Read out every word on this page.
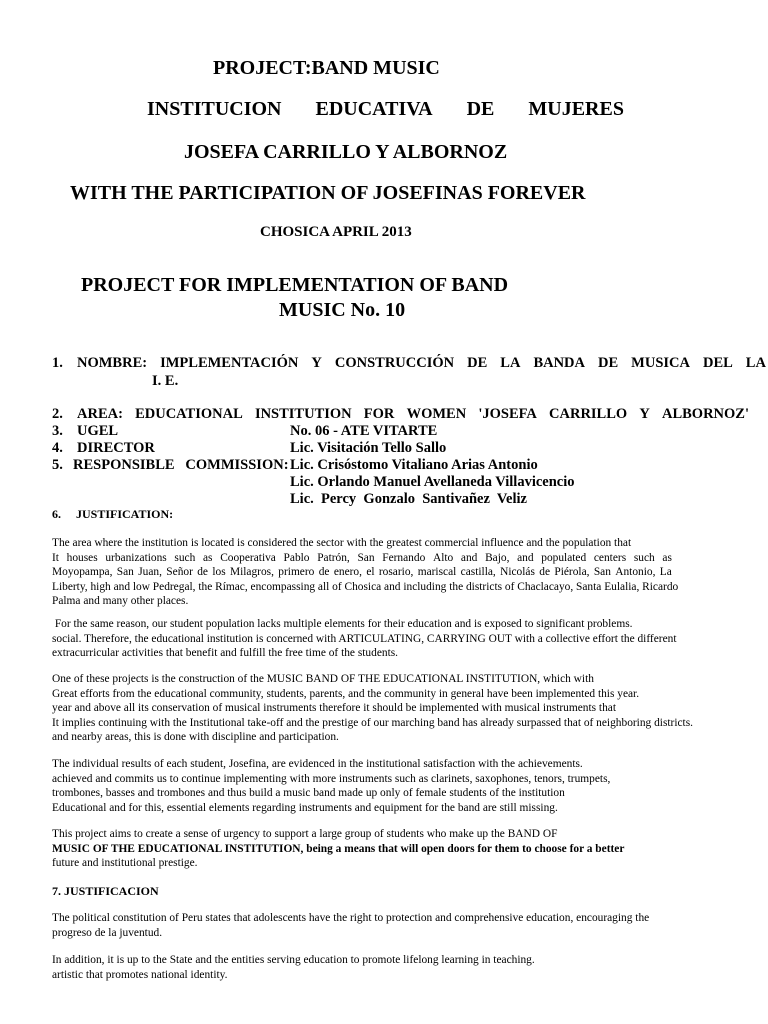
PROJECT:BAND MUSIC
INSTITUCION EDUCATIVA DE MUJERES
JOSEFA CARRILLO Y ALBORNOZ
WITH THE PARTICIPATION OF JOSEFINAS FOREVER
CHOSICA APRIL 2013
PROJECT FOR IMPLEMENTATION OF BAND
MUSIC No. 10
1. NOMBRE: IMPLEMENTACIÓN Y CONSTRUCCIÓN DE LA BANDA DE MUSICA DEL LA
I. E.
2. AREA: EDUCATIONAL INSTITUTION FOR WOMEN 'JOSEFA CARRILLO Y ALBORNOZ'
3. UGEL	No. 06 - ATE VITARTE
4. DIRECTOR	Lic. Visitación Tello Sallo
5. RESPONSIBLE   COMMISSION: Lic. Crisóstomo Vitaliano Arias Antonio
Lic. Orlando Manuel Avellaneda Villavicencio
Lic.  Percy  Gonzalo  Santivañez  Veliz
6.     JUSTIFICATION:
The area where the institution is located is considered the sector with the greatest commercial influence and the population that
It houses urbanizations such as Cooperativa Pablo Patrón, San Fernando Alto and Bajo, and populated centers such as
Moyopampa, San Juan, Señor de los Milagros, primero de enero, el rosario, mariscal castilla, Nicolás de Piérola, San Antonio, La
Liberty, high and low Pedregal, the Rímac, encompassing all of Chosica and including the districts of Chaclacayo, Santa Eulalia, Ricardo
Palma and many other places.
For the same reason, our student population lacks multiple elements for their education and is exposed to significant problems.
social. Therefore, the educational institution is concerned with ARTICULATING, CARRYING OUT with a collective effort the different
extracurricular activities that benefit and fulfill the free time of the students.
One of these projects is the construction of the MUSIC BAND OF THE EDUCATIONAL INSTITUTION, which with
Great efforts from the educational community, students, parents, and the community in general have been implemented this year.
year and above all its conservation of musical instruments therefore it should be implemented with musical instruments that
It implies continuing with the Institutional take-off and the prestige of our marching band has already surpassed that of neighboring districts.
and nearby areas, this is done with discipline and participation.
The individual results of each student, Josefina, are evidenced in the institutional satisfaction with the achievements.
achieved and commits us to continue implementing with more instruments such as clarinets, saxophones, tenors, trumpets,
trombones, basses and trombones and thus build a music band made up only of female students of the institution
Educational and for this, essential elements regarding instruments and equipment for the band are still missing.
This project aims to create a sense of urgency to support a large group of students who make up the BAND OF
MUSIC OF THE EDUCATIONAL INSTITUTION, being a means that will open doors for them to choose for a better
future and institutional prestige.
7. JUSTIFICACION
The political constitution of Peru states that adolescents have the right to protection and comprehensive education, encouraging the
progreso de la juventud.
In addition, it is up to the State and the entities serving education to promote lifelong learning in teaching.
artistic that promotes national identity.
